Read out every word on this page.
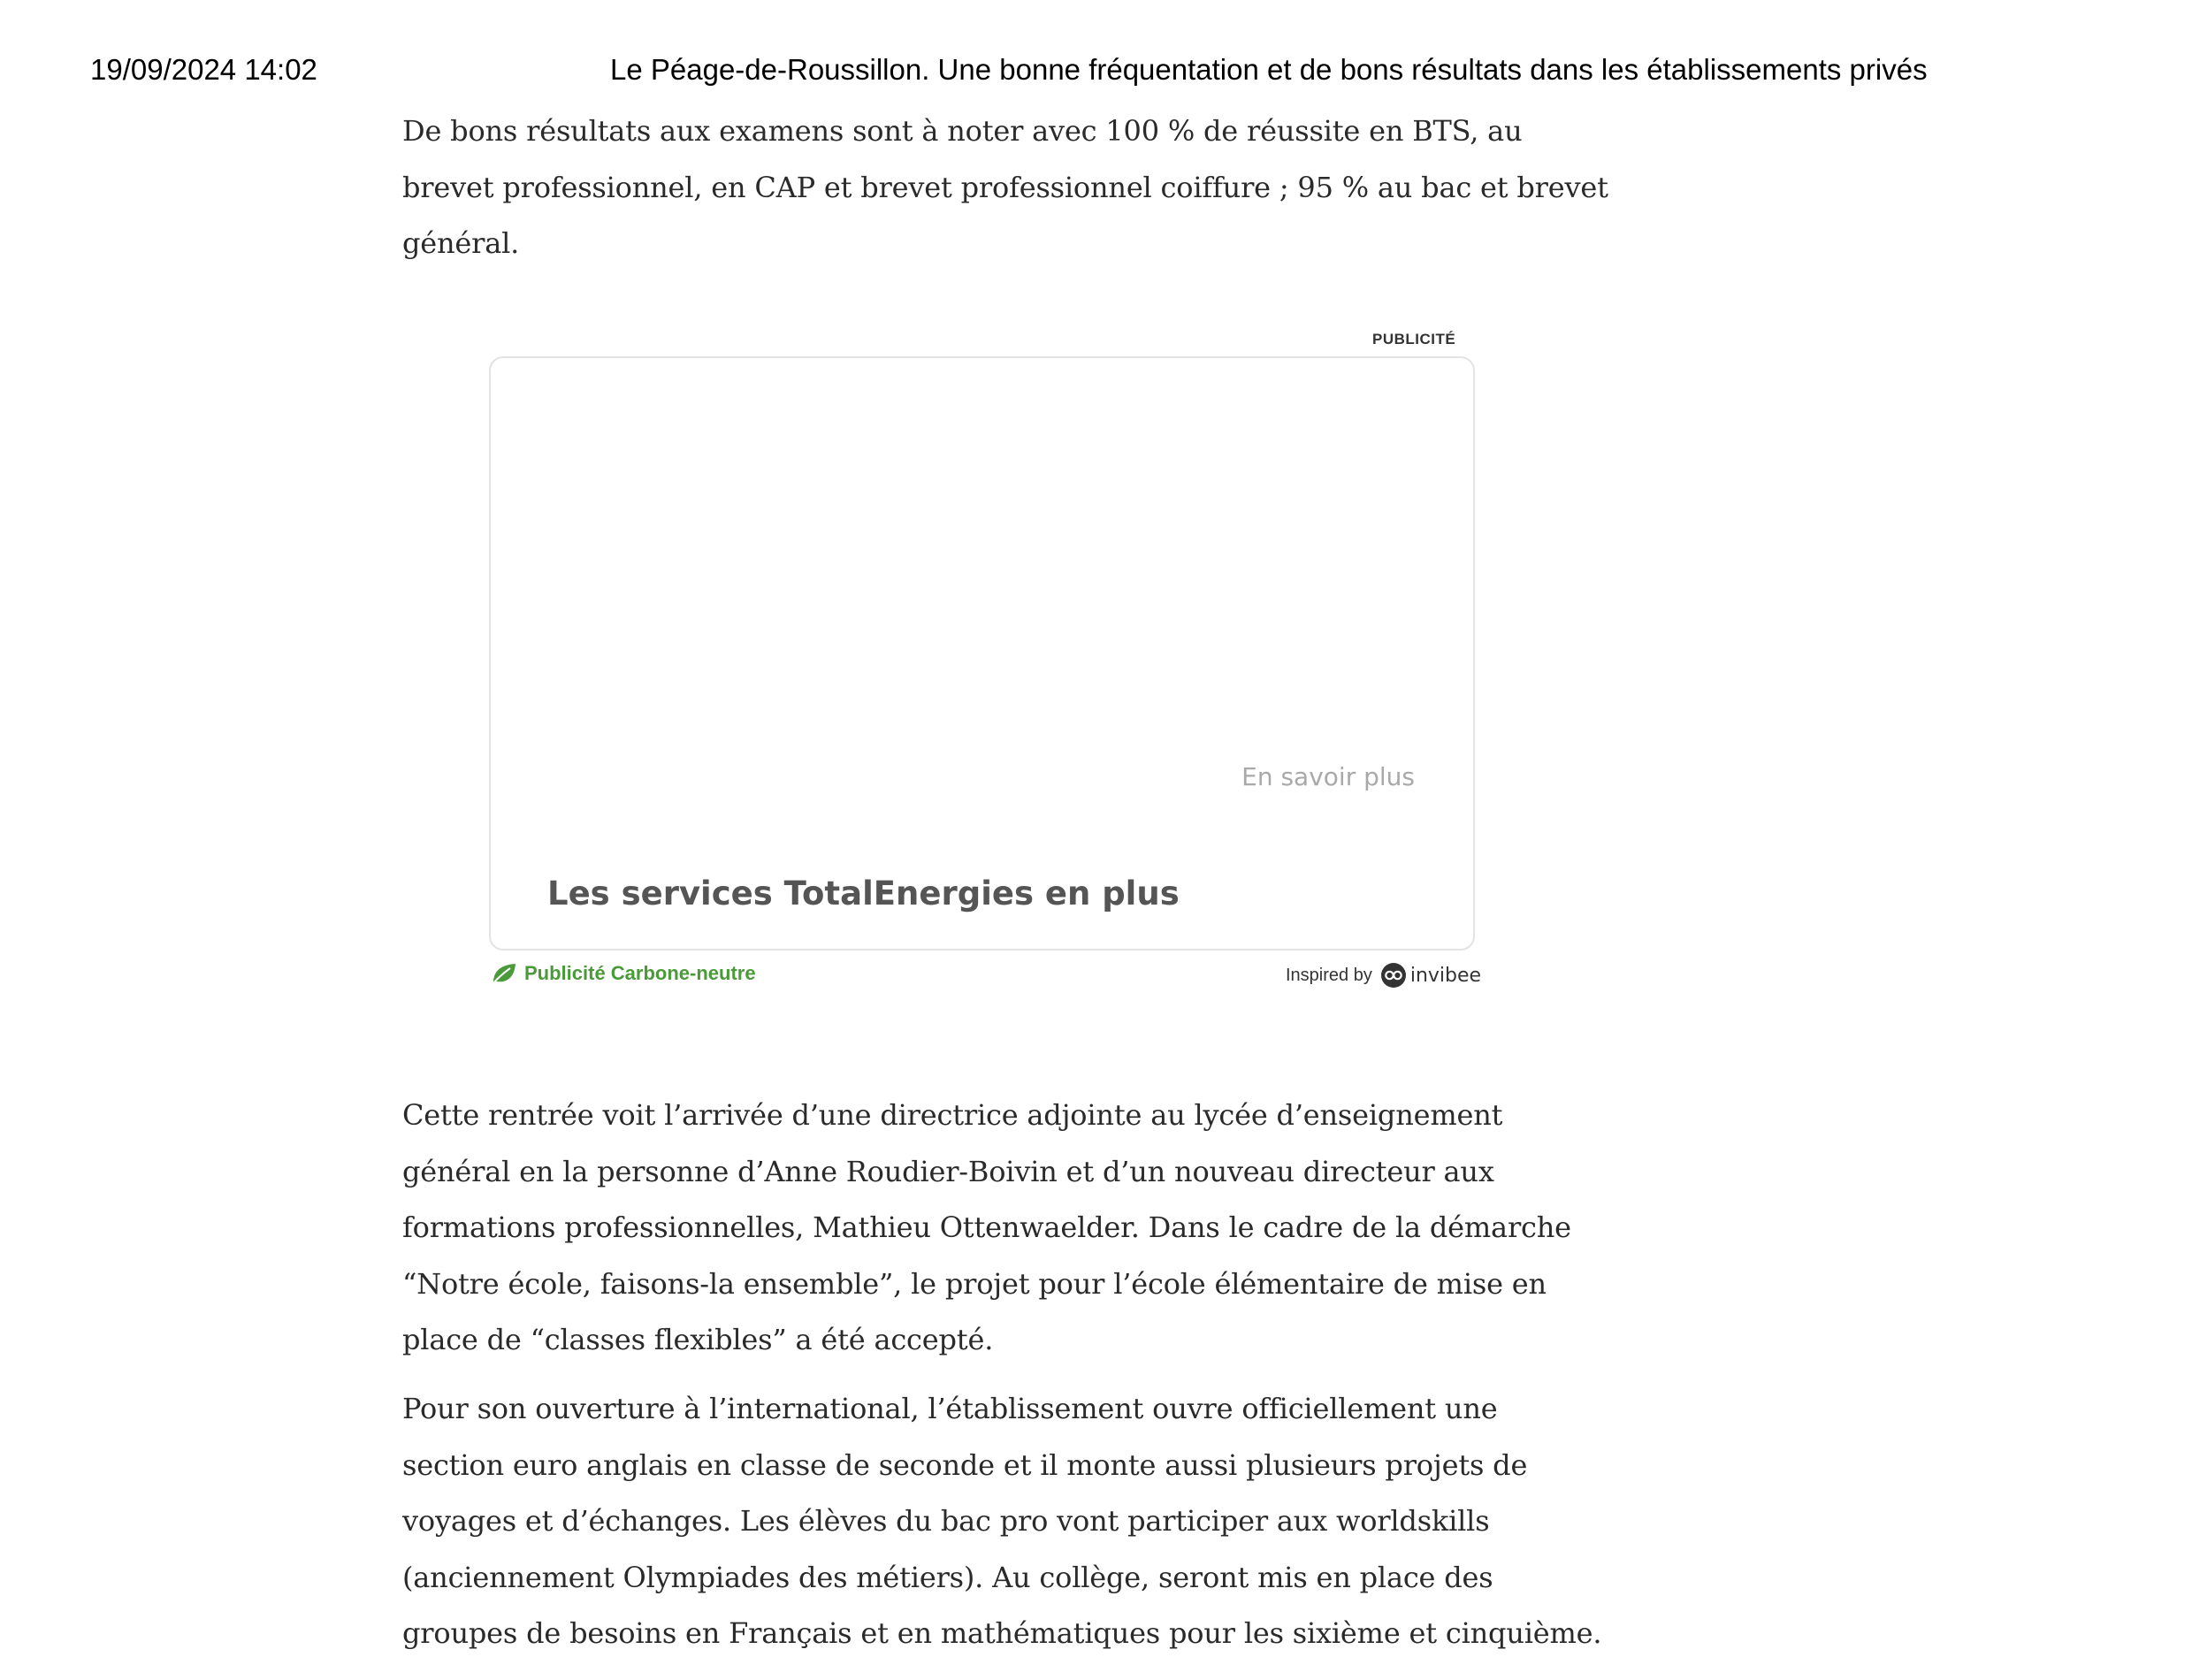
19/09/2024 14:02	Le Péage-de-Roussillon. Une bonne fréquentation et de bons résultats dans les établissements privés
De bons résultats aux examens sont à noter avec 100 % de réussite en BTS, au
brevet professionnel, en CAP et brevet professionnel coiffure ; 95 % au bac et brevet
général.
Cette rentrée voit l’arrivée d’une directrice adjointe au lycée d’enseignement
général en la personne d’Anne Roudier-Boivin et d’un nouveau directeur aux
formations professionnelles, Mathieu Ottenwaelder. Dans le cadre de la démarche
“Notre école, faisons-la ensemble”, le projet pour l’école élémentaire de mise en
place de “classes flexibles” a été accepté.
Pour son ouverture à l’international, l’établissement ouvre officiellement une
section euro anglais en classe de seconde et il monte aussi plusieurs projets de
voyages et d’échanges. Les élèves du bac pro vont participer aux worldskills
(anciennement Olympiades des métiers). Au collège, seront mis en place des
groupes de besoins en Français et en mathématiques pour les sixième et cinquième.
PUBLICITÉ
En savoir plus
Les services TotalEnergies en plus
Publicité Carbone-neutre	Inspired by invibee
